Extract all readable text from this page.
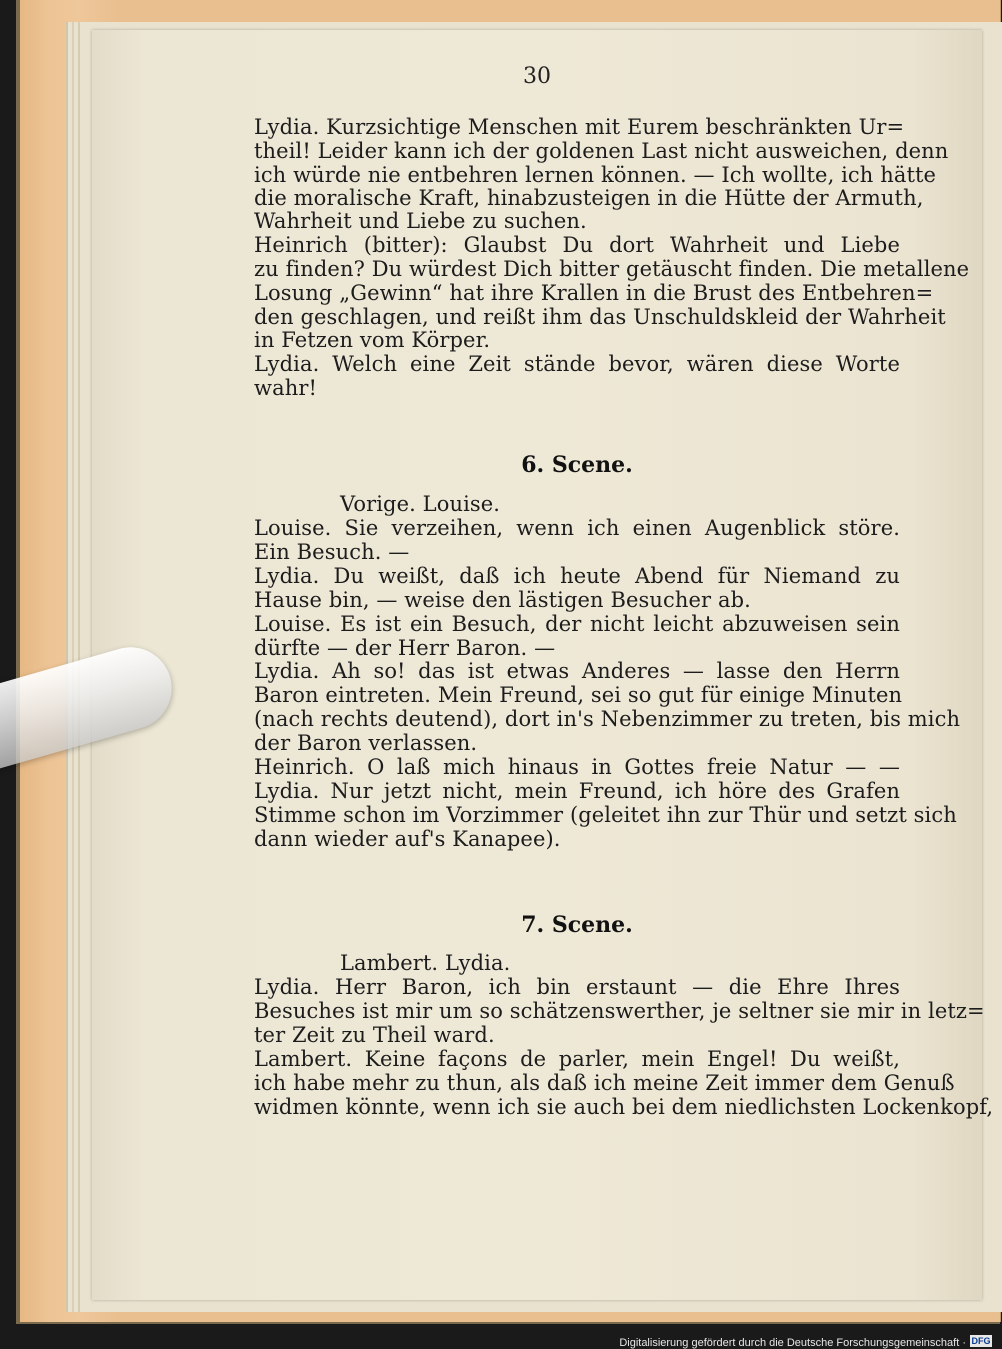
30
Lydia. Kurzsichtige Menschen mit Eurem beschränkten Ur=
theil! Leider kann ich der goldenen Last nicht ausweichen, denn
ich würde nie entbehren lernen können. — Ich wollte, ich hätte
die moralische Kraft, hinabzusteigen in die Hütte der Armuth,
Wahrheit und Liebe zu suchen.
Heinrich (bitter): Glaubst Du dort Wahrheit und Liebe
zu finden? Du würdest Dich bitter getäuscht finden. Die metallene
Losung „Gewinn“ hat ihre Krallen in die Brust des Entbehren=
den geschlagen, und reißt ihm das Unschuldskleid der Wahrheit
in Fetzen vom Körper.
Lydia. Welch eine Zeit stände bevor, wären diese Worte
wahr!
6. Scene.
Vorige. Louise.
Louise. Sie verzeihen, wenn ich einen Augenblick störe.
Ein Besuch. —
Lydia. Du weißt, daß ich heute Abend für Niemand zu
Hause bin, — weise den lästigen Besucher ab.
Louise. Es ist ein Besuch, der nicht leicht abzuweisen sein
dürfte — der Herr Baron. —
Lydia. Ah so! das ist etwas Anderes — lasse den Herrn
Baron eintreten. Mein Freund, sei so gut für einige Minuten
(nach rechts deutend), dort in's Nebenzimmer zu treten, bis mich
der Baron verlassen.
Heinrich. O laß mich hinaus in Gottes freie Natur — —
Lydia. Nur jetzt nicht, mein Freund, ich höre des Grafen
Stimme schon im Vorzimmer (geleitet ihn zur Thür und setzt sich
dann wieder auf's Kanapee).
7. Scene.
Lambert. Lydia.
Lydia. Herr Baron, ich bin erstaunt — die Ehre Ihres
Besuches ist mir um so schätzenswerther, je seltner sie mir in letz=
ter Zeit zu Theil ward.
Lambert. Keine façons de parler, mein Engel! Du weißt,
ich habe mehr zu thun, als daß ich meine Zeit immer dem Genuß
widmen könnte, wenn ich sie auch bei dem niedlichsten Lockenkopf,
Digitalisierung gefördert durch die Deutsche Forschungsgemeinschaft · DFG
